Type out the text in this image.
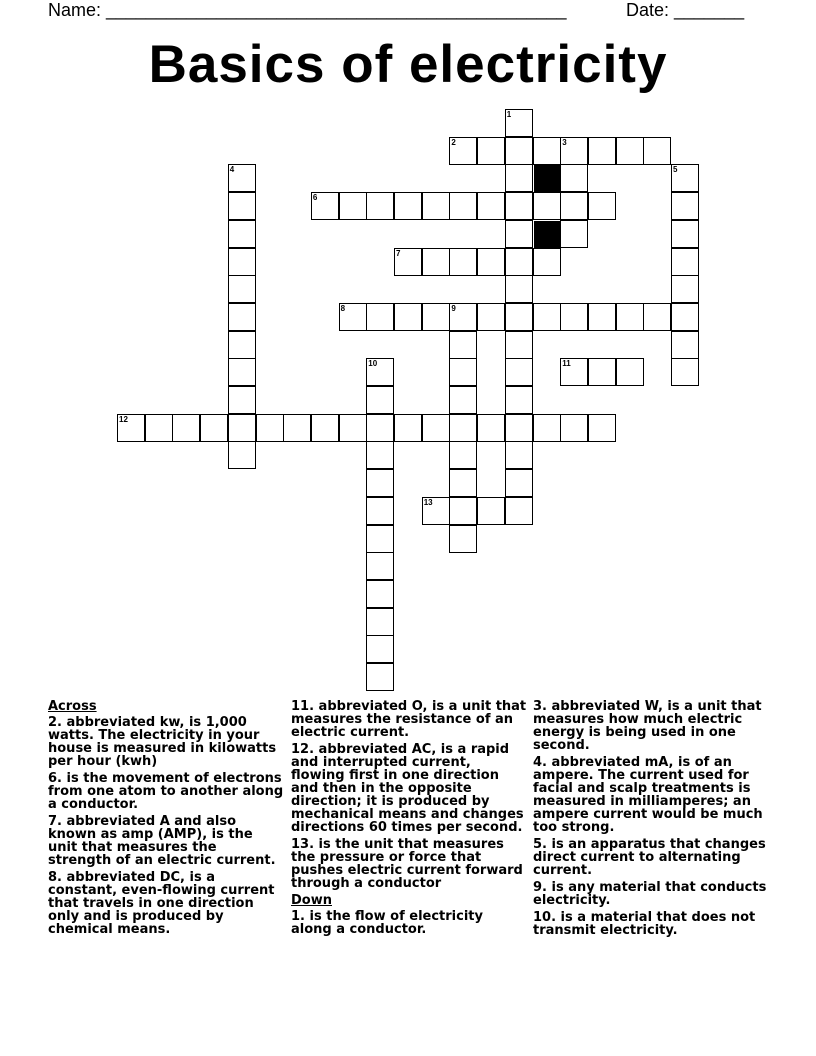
Name: ______________________________________________	Date: _______
Basics of electricity
1
2	3
4	5
6
7
8	9
10	11
12
13
Across
2. abbreviated kw, is 1,000 watts. The electricity in your house is measured in kilowatts per hour (kwh)
6. is the movement of electrons from one atom to another along a conductor.
7. abbreviated A and also known as amp (AMP), is the unit that measures the strength of an electric current.
8. abbreviated DC, is a constant, even-flowing current that travels in one direction only and is produced by chemical means.
11. abbreviated O, is a unit that measures the resistance of an electric current.
12. abbreviated AC, is a rapid and interrupted current, flowing first in one direction and then in the opposite direction; it is produced by mechanical means and changes directions 60 times per second.
13. is the unit that measures the pressure or force that pushes electric current forward through a conductor
Down
1. is the flow of electricity along a conductor.
3. abbreviated W, is a unit that measures how much electric energy is being used in one second.
4. abbreviated mA, is of an ampere. The current used for facial and scalp treatments is measured in milliamperes; an ampere current would be much too strong.
5. is an apparatus that changes direct current to alternating current.
9. is any material that conducts electricity.
10. is a material that does not transmit electricity.
